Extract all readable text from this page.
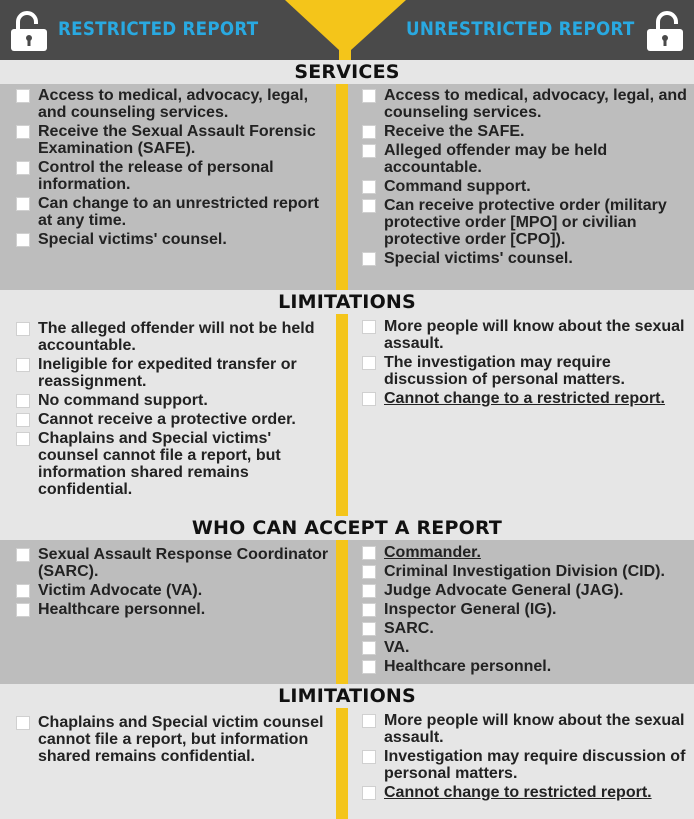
RESTRICTED REPORT	UNRESTRICTED REPORT
SERVICES
Access to medical, advocacy, legal, and counseling services.
Receive the Sexual Assault Forensic Examination (SAFE).
Control the release of personal information.
Can change to an unrestricted report at any time.
Special victims' counsel.
Access to medical, advocacy, legal, and counseling services.
Receive the SAFE.
Alleged offender may be held accountable.
Command support.
Can receive protective order (military protective order [MPO] or civilian protective order [CPO]).
Special victims' counsel.
LIMITATIONS
The alleged offender will not be held accountable.
Ineligible for expedited transfer or reassignment.
No command support.
Cannot receive a protective order.
Chaplains and Special victims' counsel cannot file a report, but information shared remains confidential.
More people will know about the sexual assault.
The investigation may require discussion of personal matters.
Cannot change to a restricted report.
WHO CAN ACCEPT A REPORT
Sexual Assault Response Coordinator (SARC).
Victim Advocate (VA).
Healthcare personnel.
Commander.
Criminal Investigation Division (CID).
Judge Advocate General (JAG).
Inspector General (IG).
SARC.
VA.
Healthcare personnel.
LIMITATIONS
Chaplains and Special victim counsel cannot file a report, but information shared remains confidential.
More people will know about the sexual assault.
Investigation may require discussion of personal matters.
Cannot change to restricted report.
